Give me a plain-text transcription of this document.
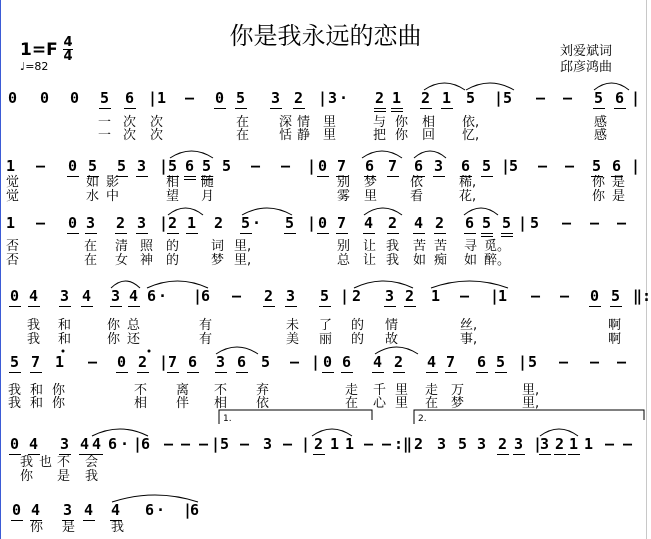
你是我永远的恋曲
刘爱斌词
邱彦鸿曲
1=F 4
4
♩=82
0 0 0 5 6 | 1 – 0 5 3 2 | 3 · 2 1 2 1 5 | 5 – – 5 6 |
一 次 次	在 深 情 里	与 你 相 依,	感
一 次 次	在 恬 静 里	把 你 回 忆,	感
1 – 0 5 5 3 | 5 6 5 5 – – | 0 7 6 7 6 3 6 5 |
5 – – 5 6 |
觉	如 影	相 随	别 梦	依	稀,	你 是
觉	水 中	望 月	雾 里	看	花,	你 是
1 – 0 3 2 3 | 2 1 2 5 · 5 | 0 7 4 2 4 2 6 5 5 | 5 – – –
否	在 清 照 的 词 里,	别 让 我 苦 苦 寻 觅。
否	在 女 神 的 梦 里,	总 让 我 如 痴 如 醉。
0 4 3 4 3 4 6 · |
6 – 2 3 5 | 2 3 2 1 – |
1 – – 0 5 ‖:
我 和	你 总	有	未 了 的 情	丝,	啊
我 和	你 还	有	美 丽 的 故	事,	啊
5 7 1 – 0 2 | 7 6 3 6 5 – | 0 6 4 2 4 7 6 5 | 5 – – –
我 和 你	不 离 不 弃	走 千 里 走 万	里,
我 和 你	相 伴 相 依	在 心 里 在 梦	里,
0 4 3 4 4 6 · |
6 – – – | 5 – 3 – | 2 1 1 – – :‖ 2 3 5 3 2 3 |
3 2 1 1 – –
我 也 不 会
你 是 我
0 4 3 4 4 6 · |
6
你 是	我
1.	2.
